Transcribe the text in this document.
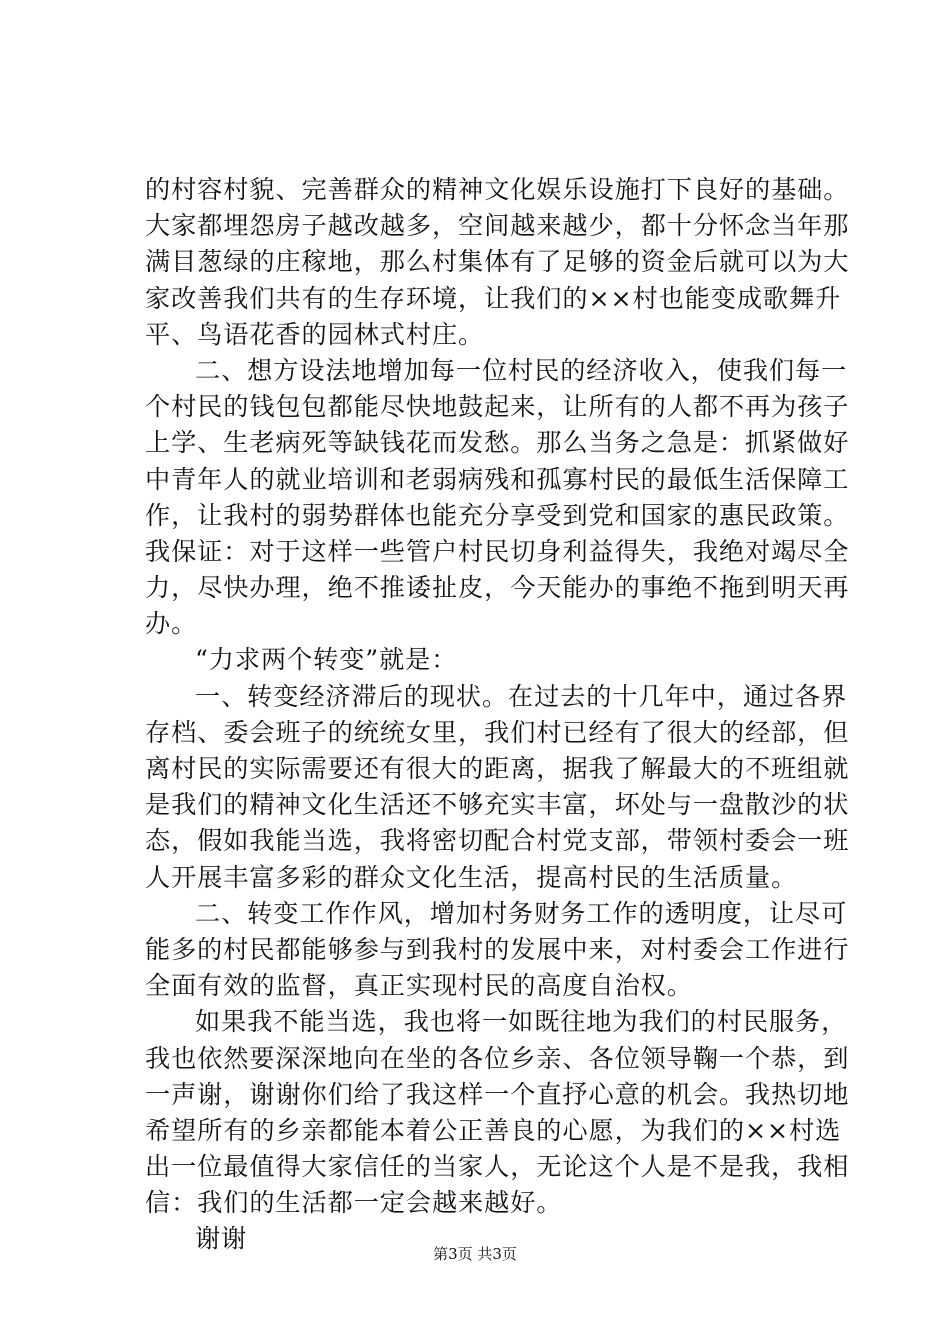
的村容村貌、完善群众的精神文化娱乐设施打下良好的基础。
大家都埋怨房子越改越多，空间越来越少，都十分怀念当年那
满目葱绿的庄稼地，那么村集体有了足够的资金后就可以为大
家改善我们共有的生存环境，让我们的××村也能变成歌舞升
平、鸟语花香的园林式村庄。
二、想方设法地增加每一位村民的经济收入，使我们每一
个村民的钱包包都能尽快地鼓起来，让所有的人都不再为孩子
上学、生老病死等缺钱花而发愁。那么当务之急是：抓紧做好
中青年人的就业培训和老弱病残和孤寡村民的最低生活保障工
作，让我村的弱势群体也能充分享受到党和国家的惠民政策。
我保证：对于这样一些管户村民切身利益得失，我绝对竭尽全
力，尽快办理，绝不推诿扯皮，今天能办的事绝不拖到明天再
办。
“力求两个转变”就是：
一、转变经济滞后的现状。在过去的十几年中，通过各界
存档、委会班子的统统女里，我们村已经有了很大的经部，但
离村民的实际需要还有很大的距离，据我了解最大的不班组就
是我们的精神文化生活还不够充实丰富，坏处与一盘散沙的状
态，假如我能当选，我将密切配合村党支部，带领村委会一班
人开展丰富多彩的群众文化生活，提高村民的生活质量。
二、转变工作作风，增加村务财务工作的透明度，让尽可
能多的村民都能够参与到我村的发展中来，对村委会工作进行
全面有效的监督，真正实现村民的高度自治权。
如果我不能当选，我也将一如既往地为我们的村民服务，
我也依然要深深地向在坐的各位乡亲、各位领导鞠一个恭，到
一声谢，谢谢你们给了我这样一个直抒心意的机会。我热切地
希望所有的乡亲都能本着公正善良的心愿，为我们的××村选
出一位最值得大家信任的当家人，无论这个人是不是我，我相
信：我们的生活都一定会越来越好。
谢谢
第3页 共3页
